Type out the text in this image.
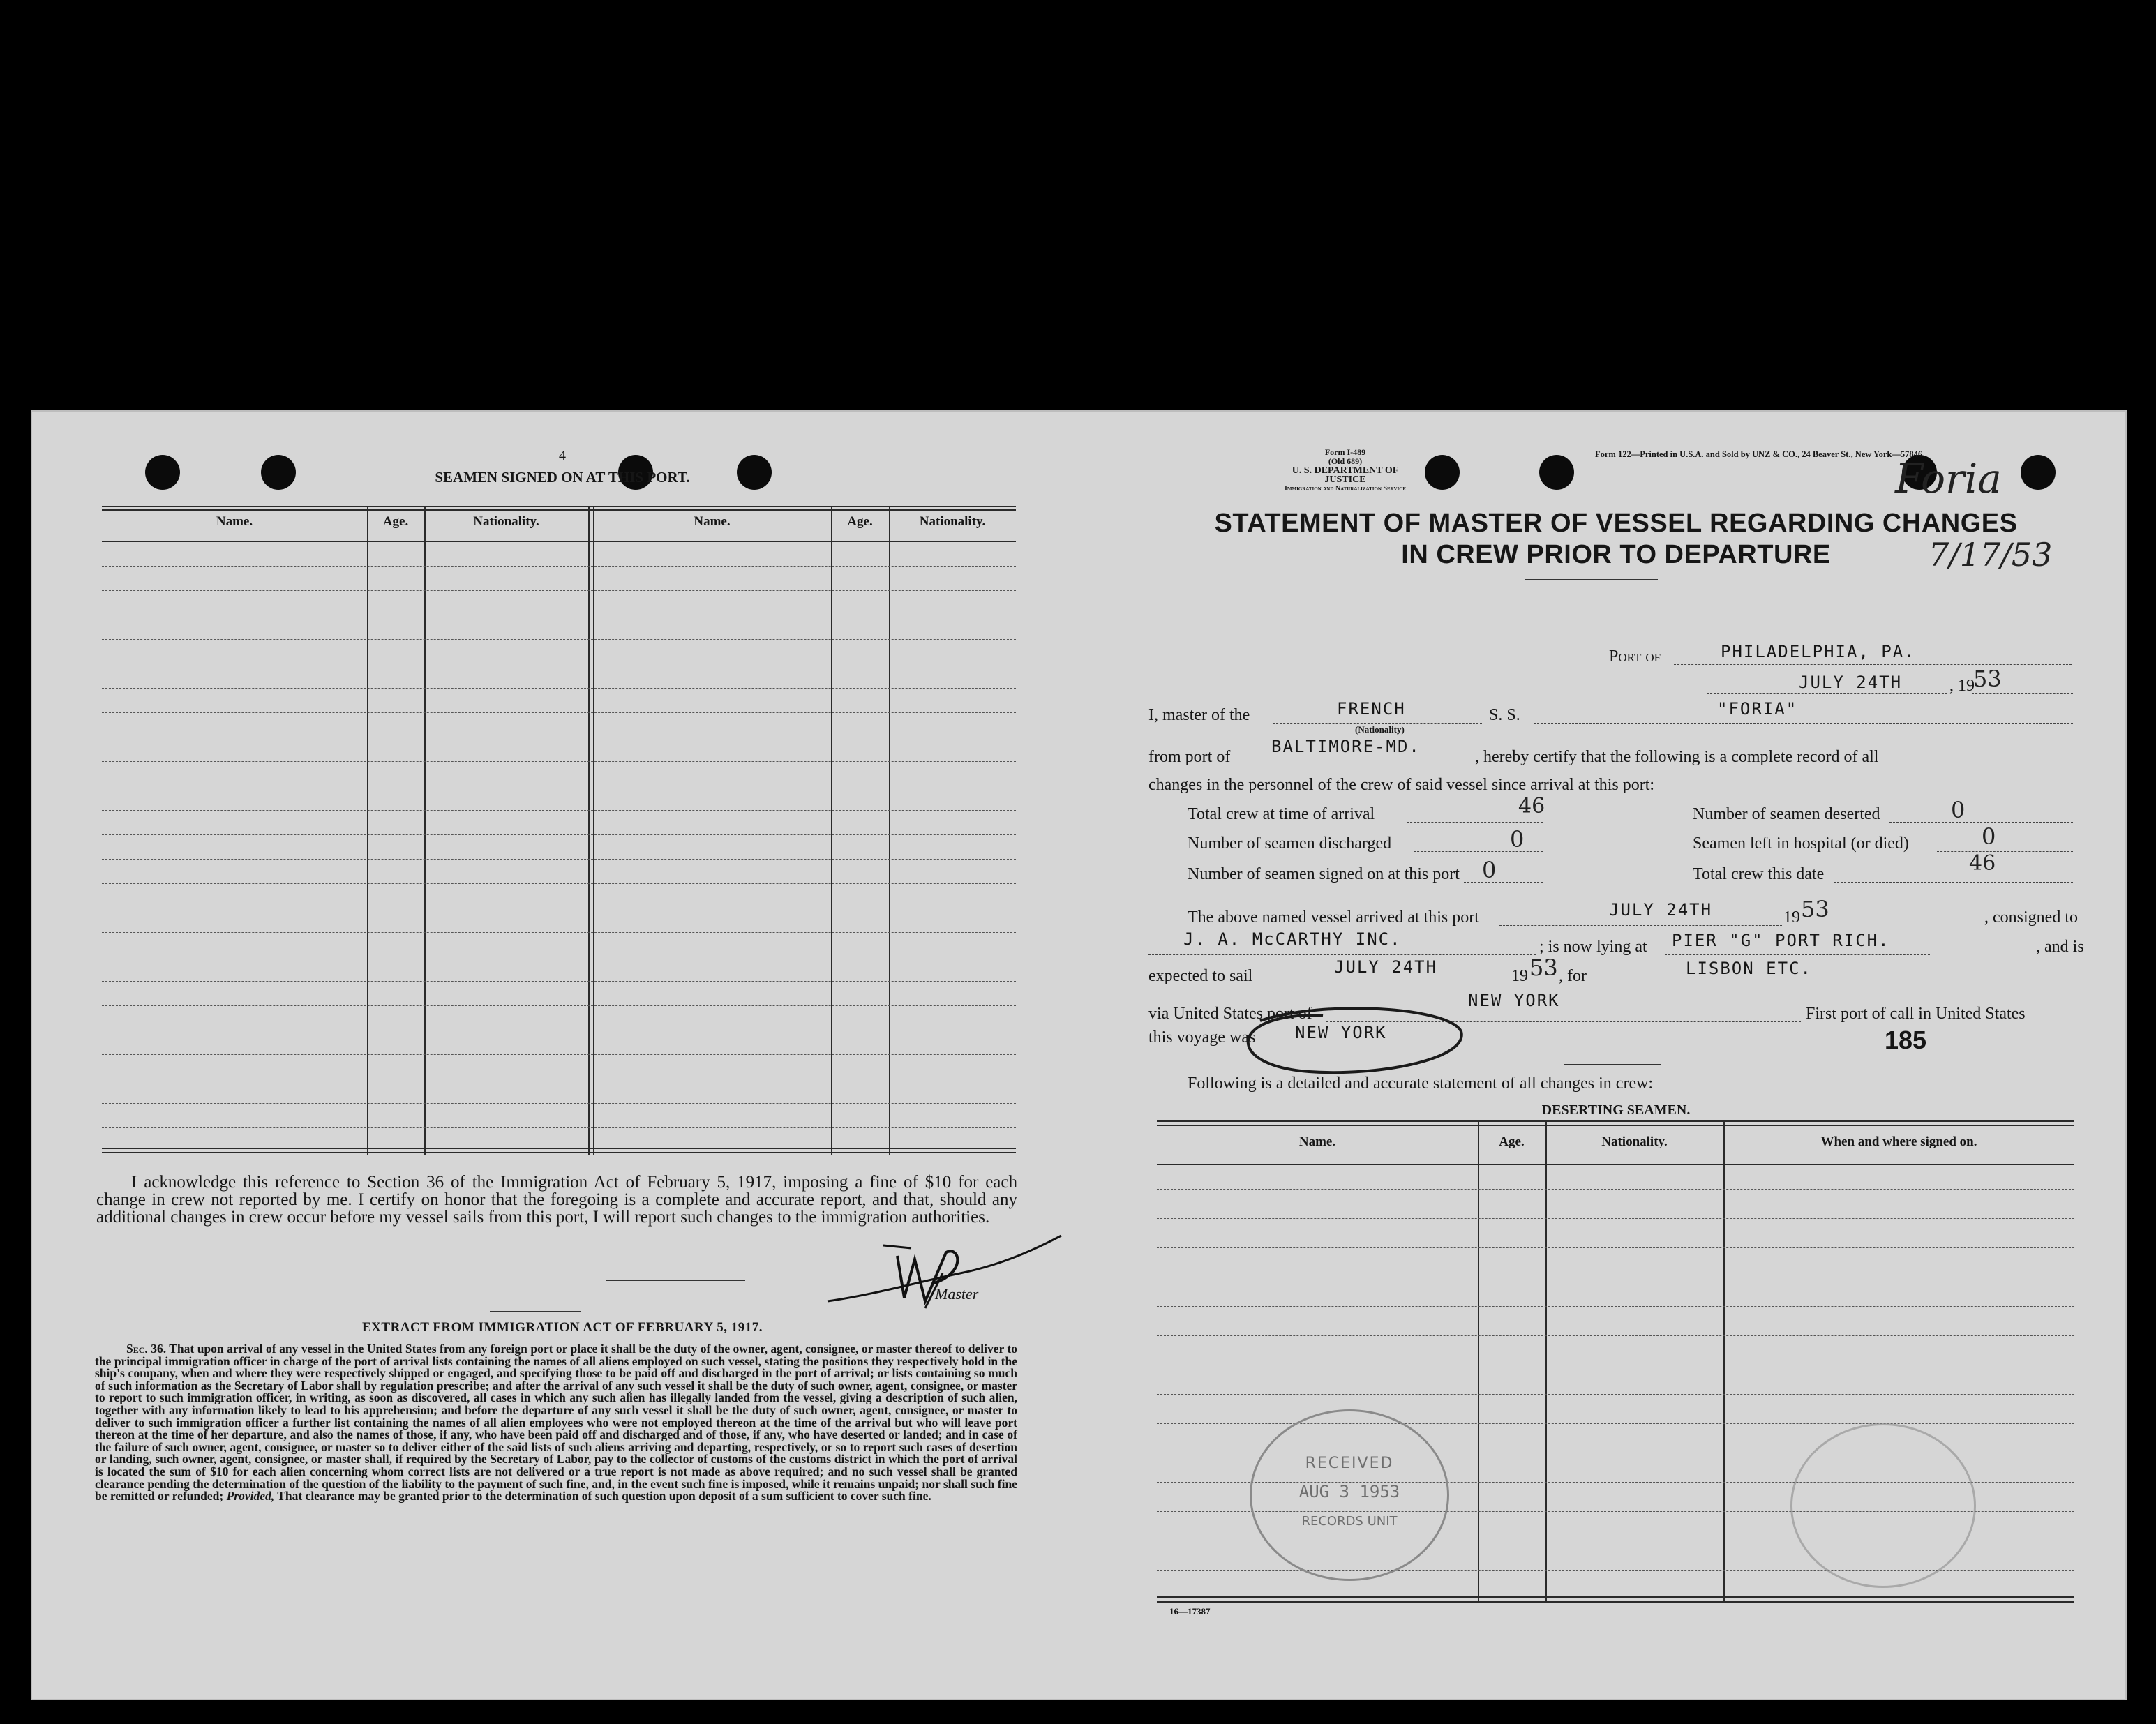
4
SEAMEN SIGNED ON AT THIS PORT.
Name.	Age.	Nationality.	Name.	Age.	Nationality.
I acknowledge this reference to Section 36 of the Immigration Act of February 5, 1917, imposing a fine of $10 for each change in crew not reported by me. I certify on honor that the foregoing is a complete and accurate report, and that, should any additional changes in crew occur before my vessel sails from this port, I will report such changes to the immigration authorities.
Master
EXTRACT FROM IMMIGRATION ACT OF FEBRUARY 5, 1917.
Sec. 36. That upon arrival of any vessel in the United States from any foreign port or place it shall be the duty of the owner, agent, consignee, or master thereof to deliver to the principal immigration officer in charge of the port of arrival lists containing the names of all aliens employed on such vessel, stating the positions they respectively hold in the ship's company, when and where they were respectively shipped or engaged, and specifying those to be paid off and discharged in the port of arrival; or lists containing so much of such information as the Secretary of Labor shall by regulation prescribe; and after the arrival of any such vessel it shall be the duty of such owner, agent, consignee, or master to report to such immigration officer, in writing, as soon as discovered, all cases in which any such alien has illegally landed from the vessel, giving a description of such alien, together with any information likely to lead to his apprehension; and before the departure of any such vessel it shall be the duty of such owner, agent, consignee, or master to deliver to such immigration officer a further list containing the names of all alien employees who were not employed thereon at the time of the arrival but who will leave port thereon at the time of her departure, and also the names of those, if any, who have been paid off and discharged and of those, if any, who have deserted or landed; and in case of the failure of such owner, agent, consignee, or master so to deliver either of the said lists of such aliens arriving and departing, respectively, or so to report such cases of desertion or landing, such owner, agent, consignee, or master shall, if required by the Secretary of Labor, pay to the collector of customs of the customs district in which the port of arrival is located the sum of $10 for each alien concerning whom correct lists are not delivered or a true report is not made as above required; and no such vessel shall be granted clearance pending the determination of the question of the liability to the payment of such fine, and, in the event such fine is imposed, while it remains unpaid; nor shall such fine be remitted or refunded; Provided, That clearance may be granted prior to the determination of such question upon deposit of a sum sufficient to cover such fine.
Form I-489
(Old 689)
U. S. DEPARTMENT OF JUSTICE
Immigration and Naturalization Service
Form 122—Printed in U.S.A. and Sold by UNZ & CO., 24 Beaver St., New York—57846
Foria
7/17/53
STATEMENT OF MASTER OF VESSEL REGARDING CHANGES
IN CREW PRIOR TO DEPARTURE
Port of	PHILADELPHIA, PA.
JULY 24TH	, 19
53
I, master of the	FRENCH
(Nationality)
S. S.	"FORIA"
from port of
BALTIMORE-MD.
, hereby certify that the following is a complete record of all
changes in the personnel of the crew of said vessel since arrival at this port:
Total crew at time of arrival	46	Number of seamen deserted	0
Number of seamen discharged	0	Seamen left in hospital (or died)	0
Number of seamen signed on at this port 0	Total crew this date	46
The above named vessel arrived at this port	JULY 24TH	19 53	, consigned to
J. A. McCARTHY INC.	; is now lying at PIER "G" PORT RICH.	, and is
expected to sail	JULY 24TH	19 53 , for	LISBON ETC.
via United States port of
NEW YORK
First port of call in United States
this voyage was NEW YORK	185
Following is a detailed and accurate statement of all changes in crew:
DESERTING SEAMEN.
Name.	Age.	Nationality.	When and where signed on.
RECEIVED
AUG 3 1953
RECORDS UNIT
16—17387
